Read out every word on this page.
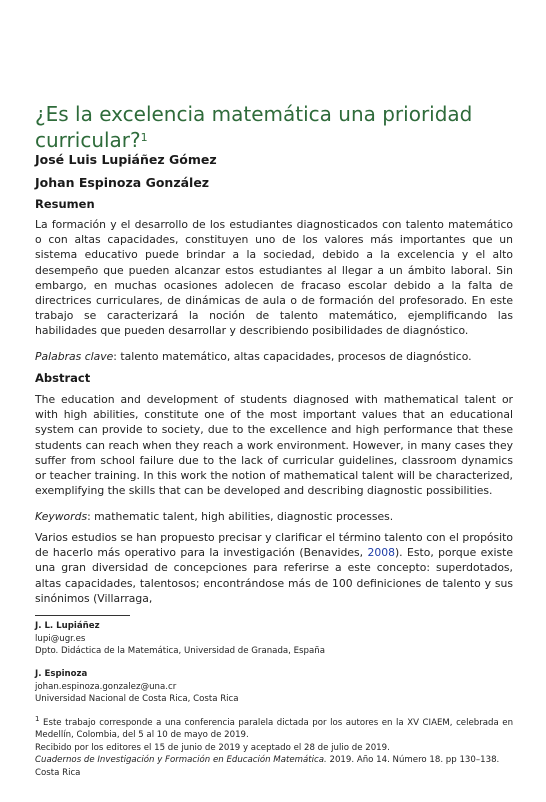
¿Es la excelencia matemática una prioridad curricular?$^1$
José Luis Lupiáñez Gómez
Johan Espinoza González
Resumen

La formación y el desarrollo de los estudiantes diagnosticados con talento matemático o con altas capacidades, constituyen uno de los valores más importantes que un sistema educativo puede brindar a la sociedad, debido a la excelencia y el alto desempeño que pueden alcanzar estos estudiantes al llegar a un ámbito laboral. Sin embargo, en muchas ocasiones adolecen de fracaso escolar debido a la falta de directrices curriculares, de dinámicas de aula o de formación del profesorado. En este trabajo se caracterizará la noción de talento matemático, ejemplificando las habilidades que pueden desarrollar y describiendo posibilidades de diagnóstico.

Palabras clave: talento matemático, altas capacidades, procesos de diagnóstico.

Abstract

The education and development of students diagnosed with mathematical talent or with high abilities, constitute one of the most important values that an educational system can provide to society, due to the excellence and high performance that these students can reach when they reach a work environment. However, in many cases they suffer from school failure due to the lack of curricular guidelines, classroom dynamics or teacher training. In this work the notion of mathematical talent will be characterized, exemplifying the skills that can be developed and describing diagnostic possibilities.

Keywords: mathematic talent, high abilities, diagnostic processes.

Varios estudios se han propuesto precisar y clarificar el término talento con el propósito de hacerlo más operativo para la investigación (Benavides, 2008). Esto, porque existe una gran diversidad de concepciones para referirse a este concepto: superdotados, altas capacidades, talentosos; encontrándose más de 100 definiciones de talento y sus sinónimos (Villarraga,

J. L. Lupiáñez
lupi@ugr.es
Dpto. Didáctica de la Matemática, Universidad de Granada, España
J. Espinoza
johan.espinoza.gonzalez@una.cr
Universidad Nacional de Costa Rica, Costa Rica
$^1$ Este trabajo corresponde a una conferencia paralela dictada por los autores en la XV CIAEM, celebrada en Medellín, Colombia, del 5 al 10 de mayo de 2019.
Recibido por los editores el 15 de junio de 2019 y aceptado el 28 de julio de 2019.
Cuadernos de Investigación y Formación en Educación Matemática. 2019. Año 14. Número 18. pp 130–138.
Costa Rica
